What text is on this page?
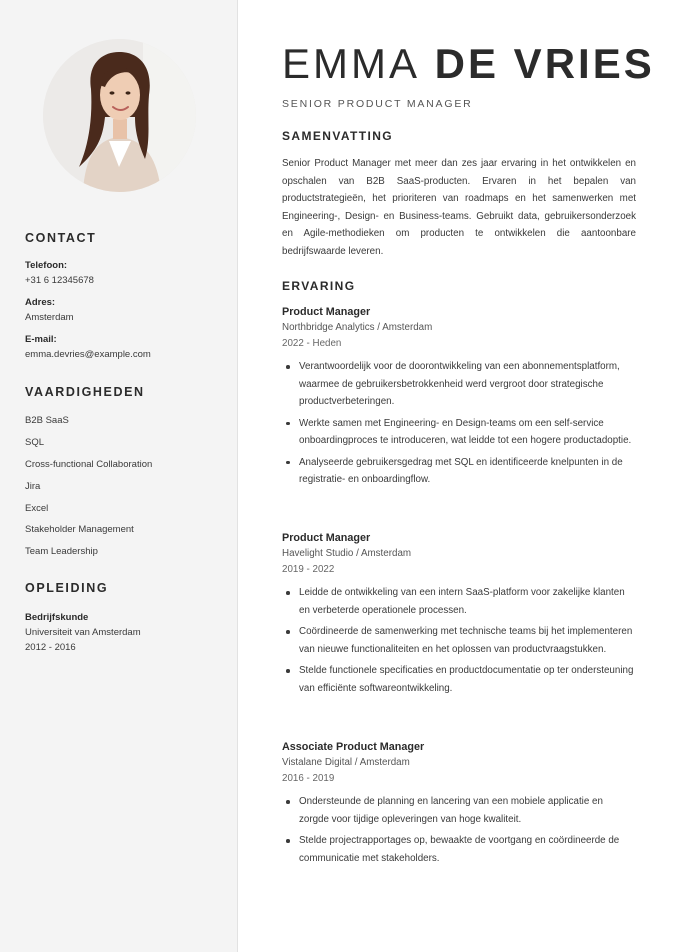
CONTACT
Telefoon:
+31 6 12345678
Adres:
Amsterdam
E-mail:
emma.devries@example.com
VAARDIGHEDEN
B2B SaaS
SQL
Cross-functional Collaboration
Jira
Excel
Stakeholder Management
Team Leadership
OPLEIDING
Bedrijfskunde
Universiteit van Amsterdam
2012 - 2016
EMMA DE VRIES
SENIOR PRODUCT MANAGER
SAMENVATTING

Senior Product Manager met meer dan zes jaar ervaring in het ontwikkelen en opschalen van B2B SaaS-producten. Ervaren in het bepalen van productstrategieën, het prioriteren van roadmaps en het samenwerken met Engineering-, Design- en Business-teams. Gebruikt data, gebruikersonderzoek en Agile-methodieken om producten te ontwikkelen die aantoonbare bedrijfswaarde leveren.

ERVARING
Product Manager
Northbridge Analytics / Amsterdam
2022 - Heden
Verantwoordelijk voor de doorontwikkeling van een abonnementsplatform, waarmee de gebruikersbetrokkenheid werd vergroot door strategische productverbeteringen.
Werkte samen met Engineering- en Design-teams om een self-service onboardingproces te introduceren, wat leidde tot een hogere productadoptie.
Analyseerde gebruikersgedrag met SQL en identificeerde knelpunten in de registratie- en onboardingflow.
Product Manager
Havelight Studio / Amsterdam
2019 - 2022
Leidde de ontwikkeling van een intern SaaS-platform voor zakelijke klanten en verbeterde operationele processen.
Coördineerde de samenwerking met technische teams bij het implementeren van nieuwe functionaliteiten en het oplossen van productvraagstukken.
Stelde functionele specificaties en productdocumentatie op ter ondersteuning van efficiënte softwareontwikkeling.
Associate Product Manager
Vistalane Digital / Amsterdam
2016 - 2019
Ondersteunde de planning en lancering van een mobiele applicatie en zorgde voor tijdige opleveringen van hoge kwaliteit.
Stelde projectrapportages op, bewaakte de voortgang en coördineerde de communicatie met stakeholders.
